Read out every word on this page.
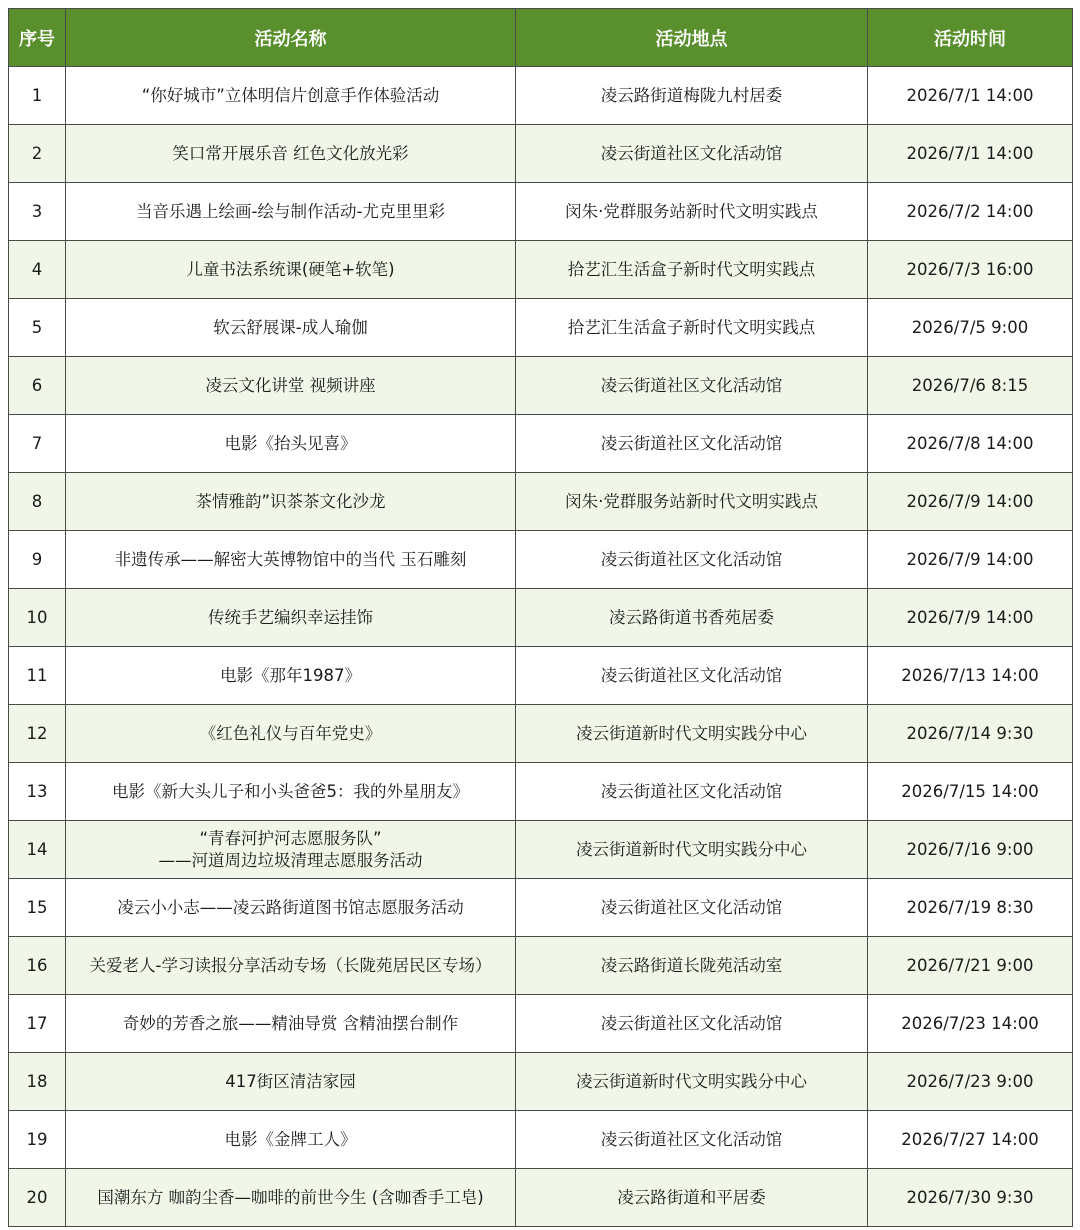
序号	活动名称	活动地点	活动时间
1	“你好城市”立体明信片创意手作体验活动	凌云路街道梅陇九村居委	2026/7/1 14:00
2	笑口常开展乐音 红色文化放光彩	凌云街道社区文化活动馆	2026/7/1 14:00
3	当音乐遇上绘画-绘与制作活动-尤克里里彩	闵朱·党群服务站新时代文明实践点	2026/7/2 14:00
4	儿童书法系统课(硬笔+软笔)	拾艺汇生活盒子新时代文明实践点	2026/7/3 16:00
5	软云舒展课-成人瑜伽	拾艺汇生活盒子新时代文明实践点	2026/7/5 9:00
6	凌云文化讲堂 视频讲座	凌云街道社区文化活动馆	2026/7/6 8:15
7	电影《抬头见喜》	凌云街道社区文化活动馆	2026/7/8 14:00
8	茶情雅韵”识茶茶文化沙龙	闵朱·党群服务站新时代文明实践点	2026/7/9 14:00
9	非遗传承——解密大英博物馆中的当代 玉石雕刻	凌云街道社区文化活动馆	2026/7/9 14:00
10	传统手艺编织幸运挂饰	凌云路街道书香苑居委	2026/7/9 14:00
11	电影《那年1987》	凌云街道社区文化活动馆	2026/7/13 14:00
12	《红色礼仪与百年党史》	凌云街道新时代文明实践分中心	2026/7/14 9:30
13	电影《新大头儿子和小头爸爸5：我的外星朋友》	凌云街道社区文化活动馆	2026/7/15 14:00
14	“青春河护河志愿服务队”
——河道周边垃圾清理志愿服务活动	凌云街道新时代文明实践分中心	2026/7/16 9:00
15	凌云小小志——凌云路街道图书馆志愿服务活动	凌云街道社区文化活动馆	2026/7/19 8:30
16	关爱老人-学习读报分享活动专场（长陇苑居民区专场）	凌云路街道长陇苑活动室	2026/7/21 9:00
17	奇妙的芳香之旅——精油导赏 含精油摆台制作	凌云街道社区文化活动馆	2026/7/23 14:00
18	417街区清洁家园	凌云街道新时代文明实践分中心	2026/7/23 9:00
19	电影《金牌工人》	凌云街道社区文化活动馆	2026/7/27 14:00
20	国潮东方 咖韵尘香—咖啡的前世今生 (含咖香手工皂)	凌云路街道和平居委	2026/7/30 9:30
